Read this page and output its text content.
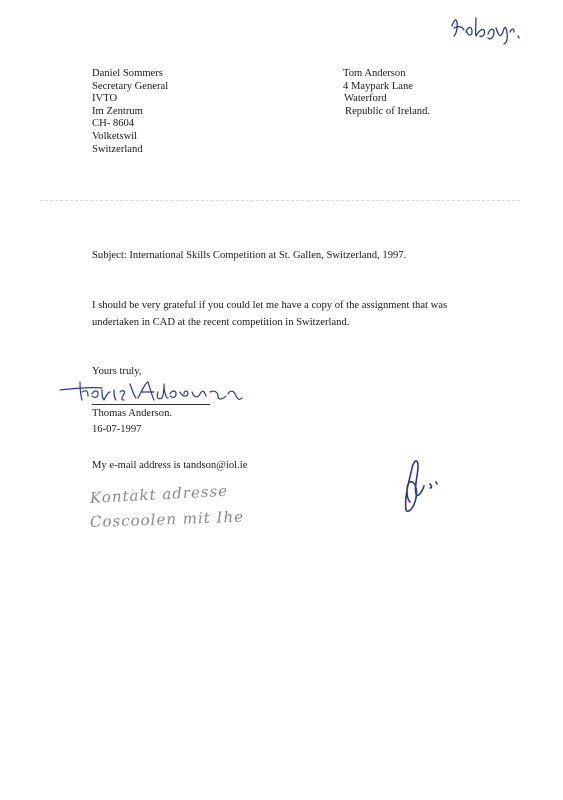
Daniel Sommers
Secretary General
IVTO
Im Zentrum
CH- 8604
Volketswil
Switzerland
Tom Anderson
4 Maypark Lane
Waterford
Republic of Ireland.
Subject: International Skills Competition at St. Gallen, Switzerland, 1997.
I should be very grateful if you could let me have a copy of the assignment that was
undertaken in CAD at the recent competition in Switzerland.
Yours truly,
Thomas Anderson.
16-07-1997
My e-mail address is tandson@iol.ie
Kontakt adresse
Coscoolen mit Ihe
